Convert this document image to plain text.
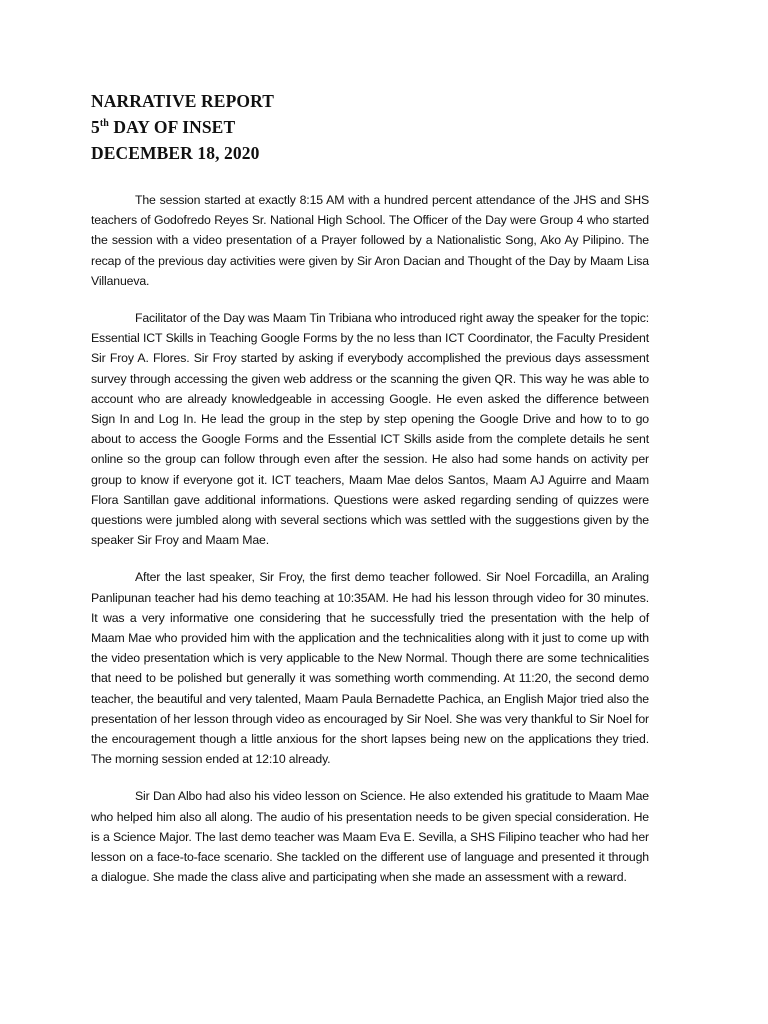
NARRATIVE REPORT

5th DAY OF INSET

DECEMBER 18, 2020

The session started at exactly 8:15 AM with a hundred percent attendance of the JHS and SHS teachers of Godofredo Reyes Sr. National High School. The Officer of the Day were Group 4 who started the session with a video presentation of a Prayer followed by a Nationalistic Song, Ako Ay Pilipino. The recap of the previous day activities were given by Sir Aron Dacian and Thought of the Day by Maam Lisa Villanueva.

Facilitator of the Day was Maam Tin Tribiana who introduced right away the speaker for the topic: Essential ICT Skills in Teaching Google Forms by the no less than ICT Coordinator, the Faculty President Sir Froy A. Flores. Sir Froy started by asking if everybody accomplished the previous days assessment survey through accessing the given web address or the scanning the given QR. This way he was able to account who are already knowledgeable in accessing Google. He even asked the difference between Sign In and Log In. He lead the group in the step by step opening the Google Drive and how to to go about to access the Google Forms and the Essential ICT Skills aside from the complete details he sent online so the group can follow through even after the session. He also had some hands on activity per group to know if everyone got it. ICT teachers, Maam Mae delos Santos, Maam AJ Aguirre and Maam Flora Santillan gave additional informations. Questions were asked regarding sending of quizzes were questions were jumbled along with several sections which was settled with the suggestions given by the speaker Sir Froy and Maam Mae.

After the last speaker, Sir Froy, the first demo teacher followed. Sir Noel Forcadilla, an Araling Panlipunan teacher had his demo teaching at 10:35AM. He had his lesson through video for 30 minutes. It was a very informative one considering that he successfully tried the presentation with the help of Maam Mae who provided him with the application and the technicalities along with it just to come up with the video presentation which is very applicable to the New Normal. Though there are some technicalities that need to be polished but generally it was something worth commending. At 11:20, the second demo teacher, the beautiful and very talented, Maam Paula Bernadette Pachica, an English Major tried also the presentation of her lesson through video as encouraged by Sir Noel. She was very thankful to Sir Noel for the encouragement though a little anxious for the short lapses being new on the applications they tried. The morning session ended at 12:10 already.

Sir Dan Albo had also his video lesson on Science. He also extended his gratitude to Maam Mae who helped him also all along. The audio of his presentation needs to be given special consideration. He is a Science Major. The last demo teacher was Maam Eva E. Sevilla, a SHS Filipino teacher who had her lesson on a face-to-face scenario. She tackled on the different use of language and presented it through a dialogue. She made the class alive and participating when she made an assessment with a reward.
